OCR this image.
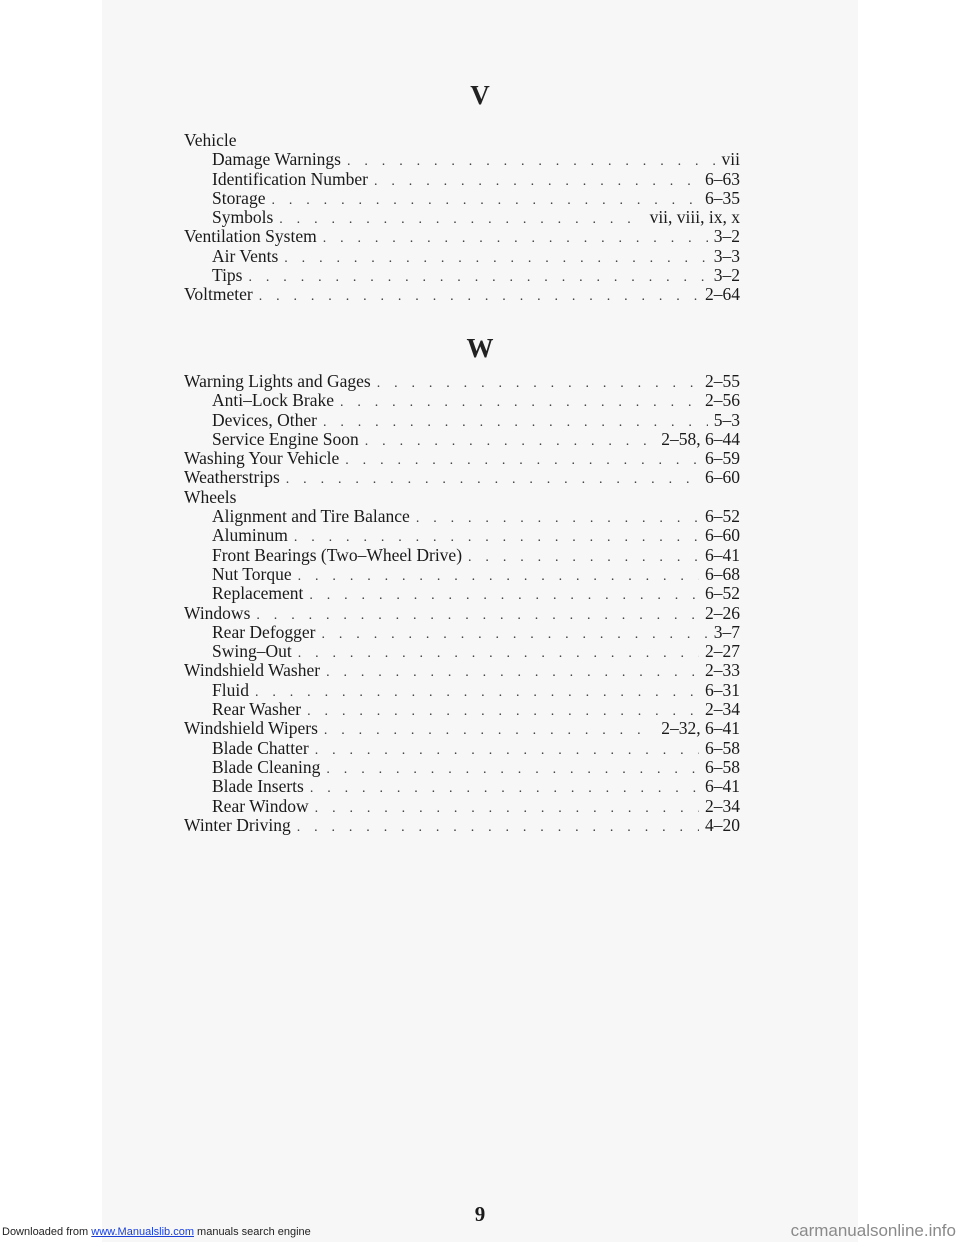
V
Vehicle
Damage Warnings . . .	vii
Identification Number . . .	6–63
Storage . . .	6–35
Symbols . . .	vii, viii, ix, x
Ventilation System . . .	3–2
Air Vents . . .	3–3
Tips . . .	3–2
Voltmeter . . .	2–64
W
Warning Lights and Gages . . .	2–55
Anti–Lock Brake . . .	2–56
Devices, Other . . .	5–3
Service Engine Soon . . .	2–58, 6–44
Washing Your Vehicle . . .	6–59
Weatherstrips . . .	6–60
Wheels
Alignment and Tire Balance . . .	6–52
Aluminum . . .	6–60
Front Bearings (Two–Wheel Drive) . . .	6–41
Nut Torque . . .	6–68
Replacement . . .	6–52
Windows . . .	2–26
Rear Defogger . . .	3–7
Swing–Out . . .	2–27
Windshield Washer . . .	2–33
Fluid . . .	6–31
Rear Washer . . .	2–34
Windshield Wipers . . .	2–32, 6–41
Blade Chatter . . .	6–58
Blade Cleaning . . .	6–58
Blade Inserts . . .	6–41
Rear Window . . .	2–34
Winter Driving . . .	4–20
9
Downloaded from www.Manualslib.com manuals search engine	carmanualsonline.info
